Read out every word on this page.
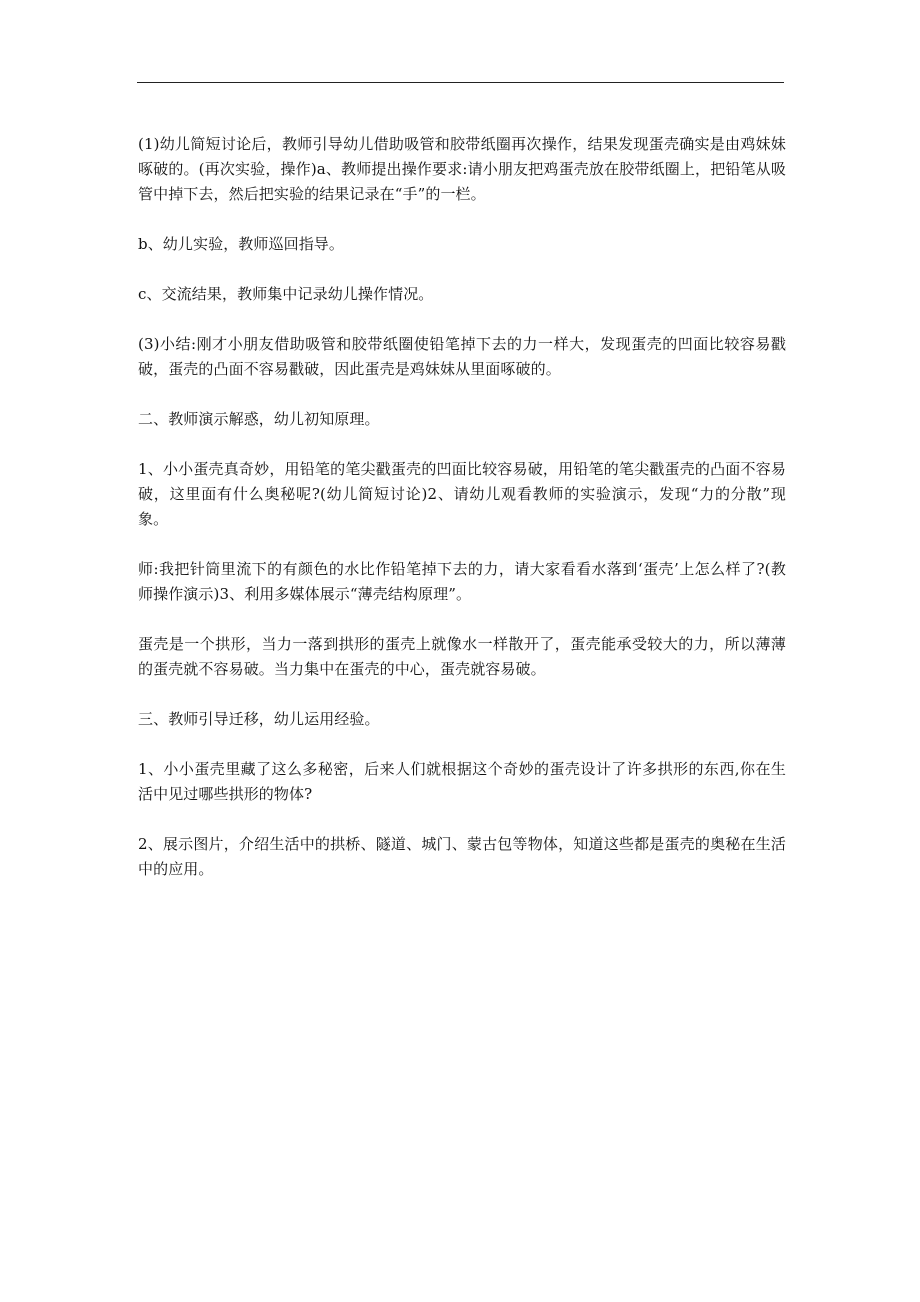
(1)幼儿简短讨论后，教师引导幼儿借助吸管和胶带纸圈再次操作，结果发现蛋壳确实是由鸡妹妹啄破的。(再次实验，操作)a、教师提出操作要求:请小朋友把鸡蛋壳放在胶带纸圈上，把铅笔从吸管中掉下去，然后把实验的结果记录在“手”的一栏。

b、幼儿实验，教师巡回指导。

c、交流结果，教师集中记录幼儿操作情况。

(3)小结:刚才小朋友借助吸管和胶带纸圈使铅笔掉下去的力一样大，发现蛋壳的凹面比较容易戳破，蛋壳的凸面不容易戳破，因此蛋壳是鸡妹妹从里面啄破的。

二、教师演示解惑，幼儿初知原理。

1、小小蛋壳真奇妙，用铅笔的笔尖戳蛋壳的凹面比较容易破，用铅笔的笔尖戳蛋壳的凸面不容易破，这里面有什么奥秘呢?(幼儿简短讨论)2、请幼儿观看教师的实验演示，发现“力的分散”现象。

师:我把针筒里流下的有颜色的水比作铅笔掉下去的力，请大家看看水落到‘蛋壳’上怎么样了?(教师操作演示)3、利用多媒体展示“薄壳结构原理”。

蛋壳是一个拱形，当力一落到拱形的蛋壳上就像水一样散开了，蛋壳能承受较大的力，所以薄薄的蛋壳就不容易破。当力集中在蛋壳的中心，蛋壳就容易破。

三、教师引导迁移，幼儿运用经验。

1、小小蛋壳里藏了这么多秘密，后来人们就根据这个奇妙的蛋壳设计了许多拱形的东西,你在生活中见过哪些拱形的物体?

2、展示图片，介绍生活中的拱桥、隧道、城门、蒙古包等物体，知道这些都是蛋壳的奥秘在生活中的应用。
